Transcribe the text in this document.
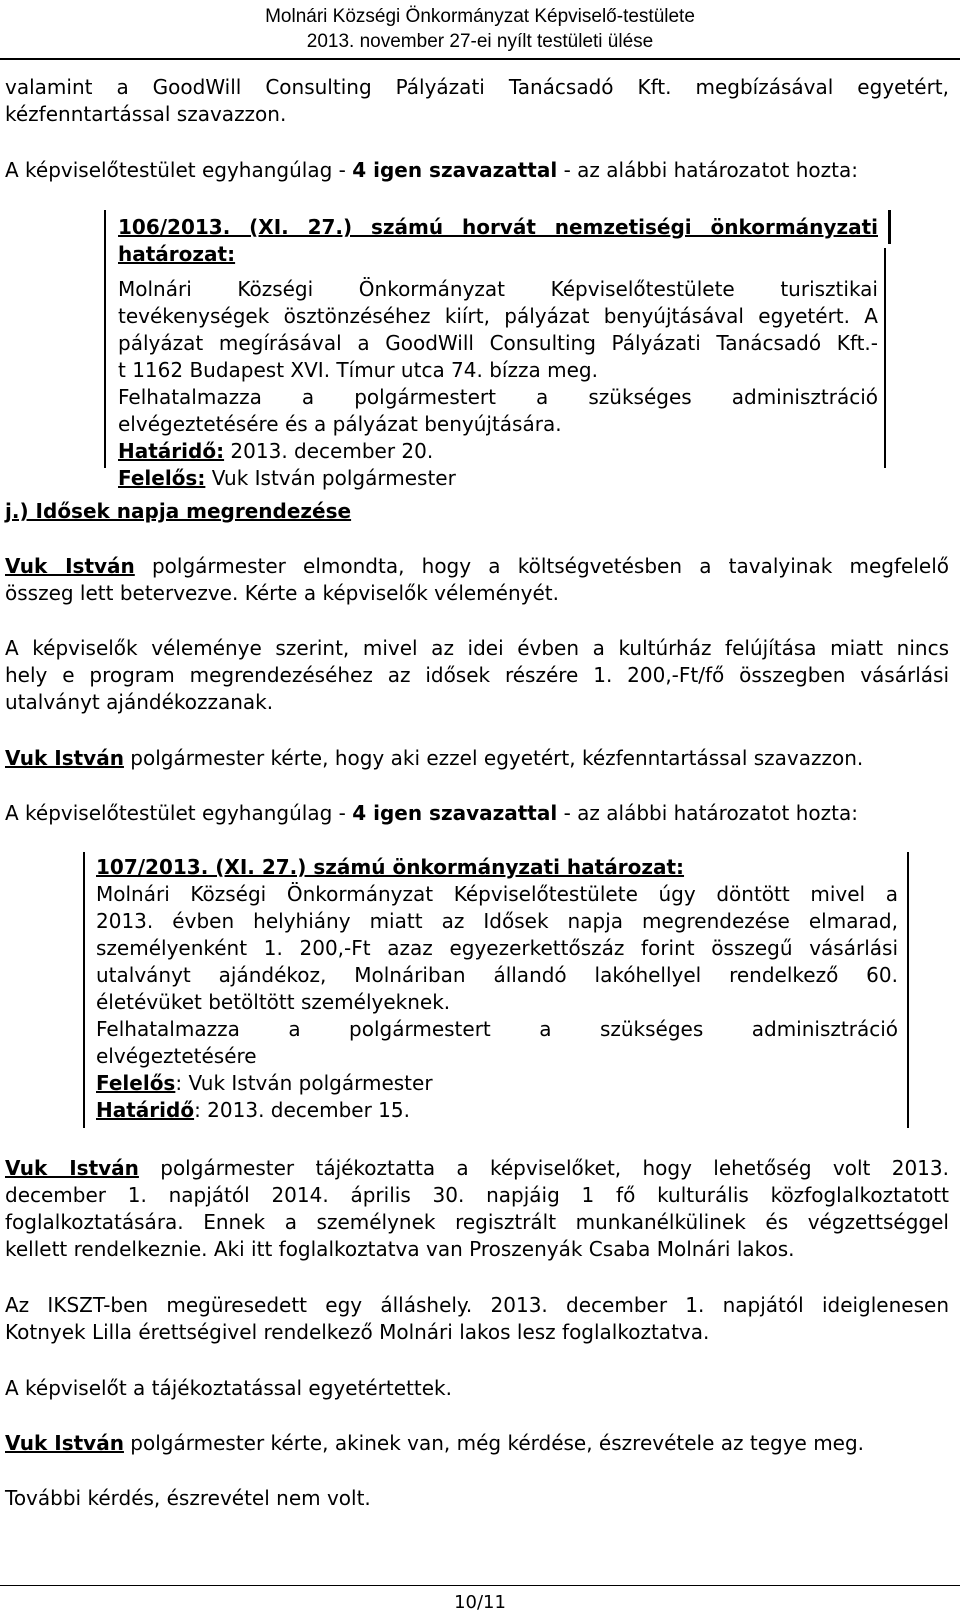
Molnári Községi Önkormányzat Képviselő-testülete
2013. november 27-ei nyílt testületi ülése

valamint a GoodWill Consulting Pályázati Tanácsadó Kft. megbízásával egyetért,

kézfenntartással szavazzon.

A képviselőtestület egyhangúlag - 4 igen szavazattal - az alábbi határozatot hozta:

106/2013. (XI. 27.) számú horvát nemzetiségi önkormányzati határozat:

Molnári Községi Önkormányzat Képviselőtestülete turisztikai

tevékenységek ösztönzéséhez kiírt, pályázat benyújtásával egyetért. A

pályázat megírásával a GoodWill Consulting Pályázati Tanácsadó Kft.-

t 1162 Budapest XVI. Tímur utca 74. bízza meg.

Felhatalmazza a polgármestert a szükséges adminisztráció

elvégeztetésére és a pályázat benyújtására.

Határidő: 2013. december 20.

Felelős: Vuk István polgármester

j.) Idősek napja megrendezése

Vuk István polgármester elmondta, hogy a költségvetésben a tavalyinak megfelelő

összeg lett betervezve. Kérte a képviselők véleményét.

A képviselők véleménye szerint, mivel az idei évben a kultúrház felújítása miatt nincs

hely e program megrendezéséhez az idősek részére 1. 200,-Ft/fő összegben vásárlási

utalványt ajándékozzanak.

Vuk István polgármester kérte, hogy aki ezzel egyetért, kézfenntartással szavazzon.
A képviselőtestület egyhangúlag - 4 igen szavazattal - az alábbi határozatot hozta:

107/2013. (XI. 27.) számú önkormányzati határozat:

Molnári Községi Önkormányzat Képviselőtestülete úgy döntött mivel a

2013. évben helyhiány miatt az Idősek napja megrendezése elmarad,

személyenként 1. 200,-Ft azaz egyezerkettőszáz forint összegű vásárlási

utalványt ajándékoz, Molnáriban állandó lakóhellyel rendelkező 60.

életévüket betöltött személyeknek.

Felhatalmazza a polgármestert a szükséges adminisztráció

elvégeztetésére

Felelős: Vuk István polgármester

Határidő: 2013. december 15.

Vuk István polgármester tájékoztatta a képviselőket, hogy lehetőség volt 2013.

december 1. napjától 2014. április 30. napjáig 1 fő kulturális közfoglalkoztatott

foglalkoztatására. Ennek a személynek regisztrált munkanélkülinek és végzettséggel

kellett rendelkeznie. Aki itt foglalkoztatva van Proszenyák Csaba Molnári lakos.

Az IKSZT-ben megüresedett egy álláshely. 2013. december 1. napjától ideiglenesen

Kotnyek Lilla érettségivel rendelkező Molnári lakos lesz foglalkoztatva.

A képviselőt a tájékoztatással egyetértettek.
Vuk István polgármester kérte, akinek van, még kérdése, észrevétele az tegye meg.
További kérdés, észrevétel nem volt.
10/11
